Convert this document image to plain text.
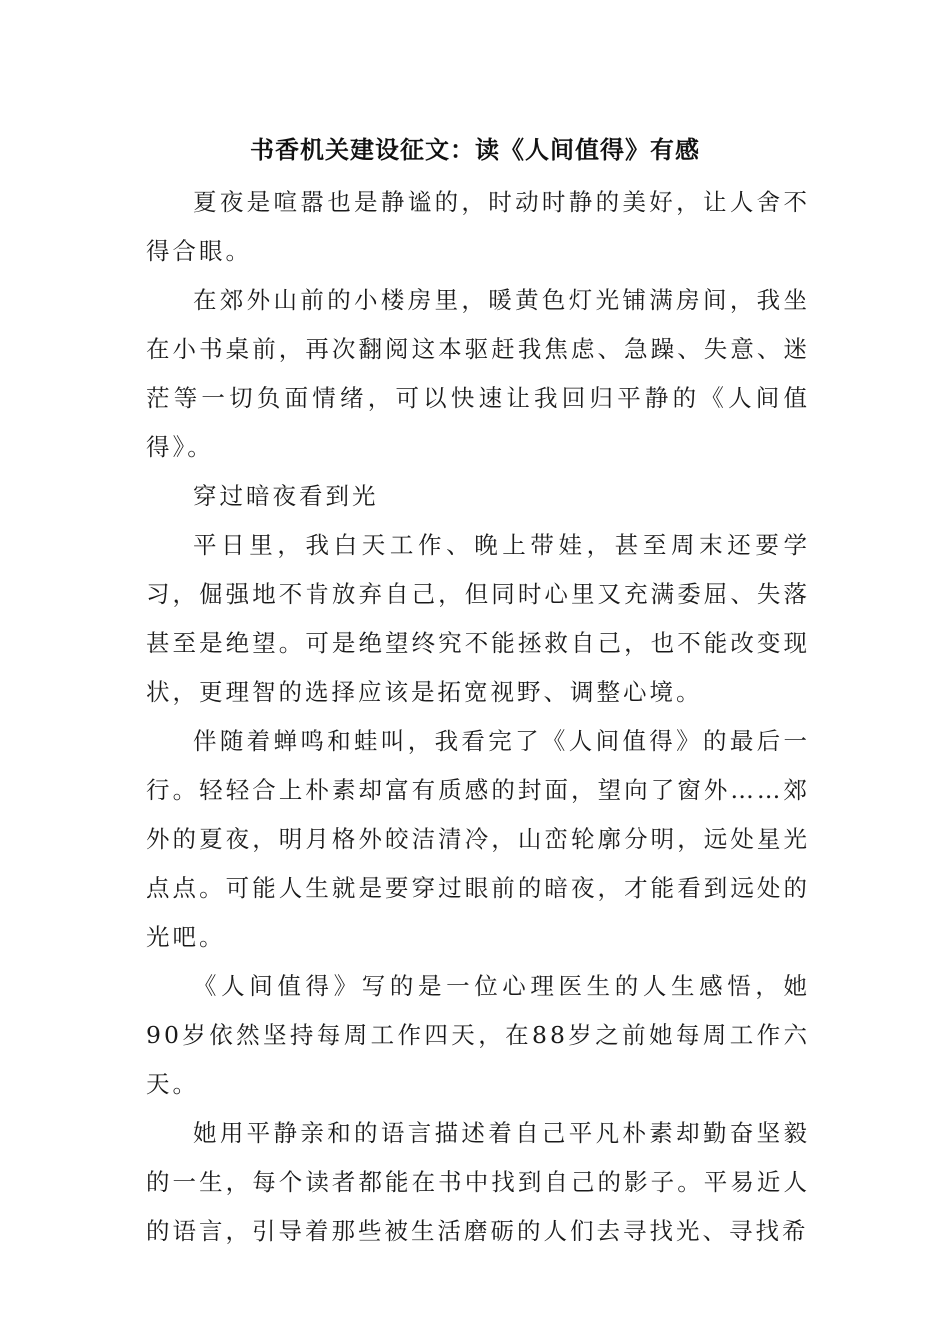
书香机关建设征文：读《人间值得》有感

夏夜是喧嚣也是静谧的，时动时静的美好，让人舍不得合眼。

在郊外山前的小楼房里，暖黄色灯光铺满房间，我坐在小书桌前，再次翻阅这本驱赶我焦虑、急躁、失意、迷茫等一切负面情绪，可以快速让我回归平静的《人间值得》。

穿过暗夜看到光

平日里，我白天工作、晚上带娃，甚至周末还要学习，倔强地不肯放弃自己，但同时心里又充满委屈、失落甚至是绝望。可是绝望终究不能拯救自己，也不能改变现状，更理智的选择应该是拓宽视野、调整心境。

伴随着蝉鸣和蛙叫，我看完了《人间值得》的最后一行。轻轻合上朴素却富有质感的封面，望向了窗外……郊外的夏夜，明月格外皎洁清冷，山峦轮廓分明，远处星光点点。可能人生就是要穿过眼前的暗夜，才能看到远处的光吧。

《人间值得》写的是一位心理医生的人生感悟，她90岁依然坚持每周工作四天，在88岁之前她每周工作六天。

她用平静亲和的语言描述着自己平凡朴素却勤奋坚毅的一生，每个读者都能在书中找到自己的影子。平易近人的语言，引导着那些被生活磨砺的人们去寻找光、寻找希
